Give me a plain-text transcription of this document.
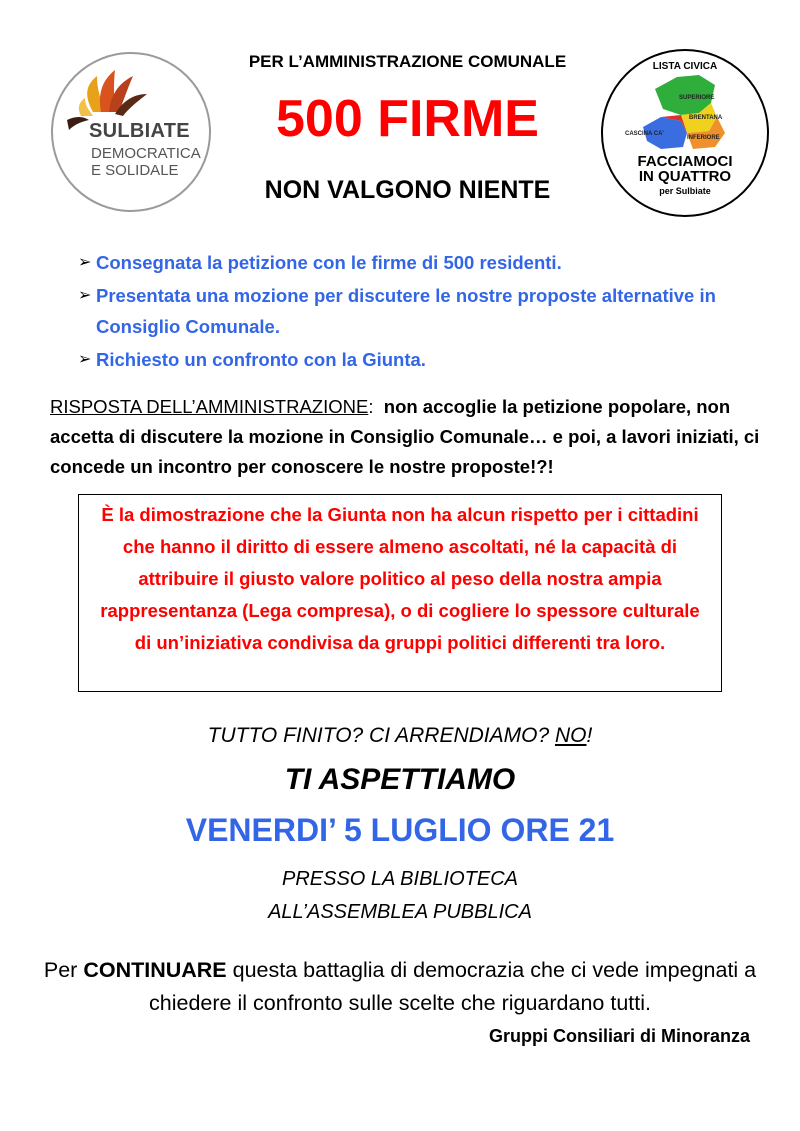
SULBIATE
DEMOCRATICA
E SOLIDALE
LISTA CIVICA
SUPERIORE
BRENTANA
CASCINA CA'
INFERIORE
FACCIAMOCI
IN QUATTRO
per Sulbiate
PER L’AMMINISTRAZIONE COMUNALE
500 FIRME
NON VALGONO NIENTE
➢ Consegnata la petizione con le firme di 500 residenti.
➢ Presentata una mozione per discutere le nostre proposte alternative in Consiglio Comunale.
➢ Richiesto un confronto con la Giunta.
RISPOSTA DELL’AMMINISTRAZIONE: non accoglie la petizione popolare, non accetta di discutere la mozione in Consiglio Comunale… e poi, a lavori iniziati, ci concede un incontro per conoscere le nostre proposte!?!
È la dimostrazione che la Giunta non ha alcun rispetto per i cittadini che hanno il diritto di essere almeno ascoltati, né la capacità di attribuire il giusto valore politico al peso della nostra ampia rappresentanza (Lega compresa), o di cogliere lo spessore culturale di un’iniziativa condivisa da gruppi politici differenti tra loro.
TUTTO FINITO? CI ARRENDIAMO? NO!
TI ASPETTIAMO
VENERDI’ 5 LUGLIO ORE 21
PRESSO LA BIBLIOTECA
ALL’ASSEMBLEA PUBBLICA
Per CONTINUARE questa battaglia di democrazia che ci vede impegnati a chiedere il confronto sulle scelte che riguardano tutti.
Gruppi Consiliari di Minoranza
